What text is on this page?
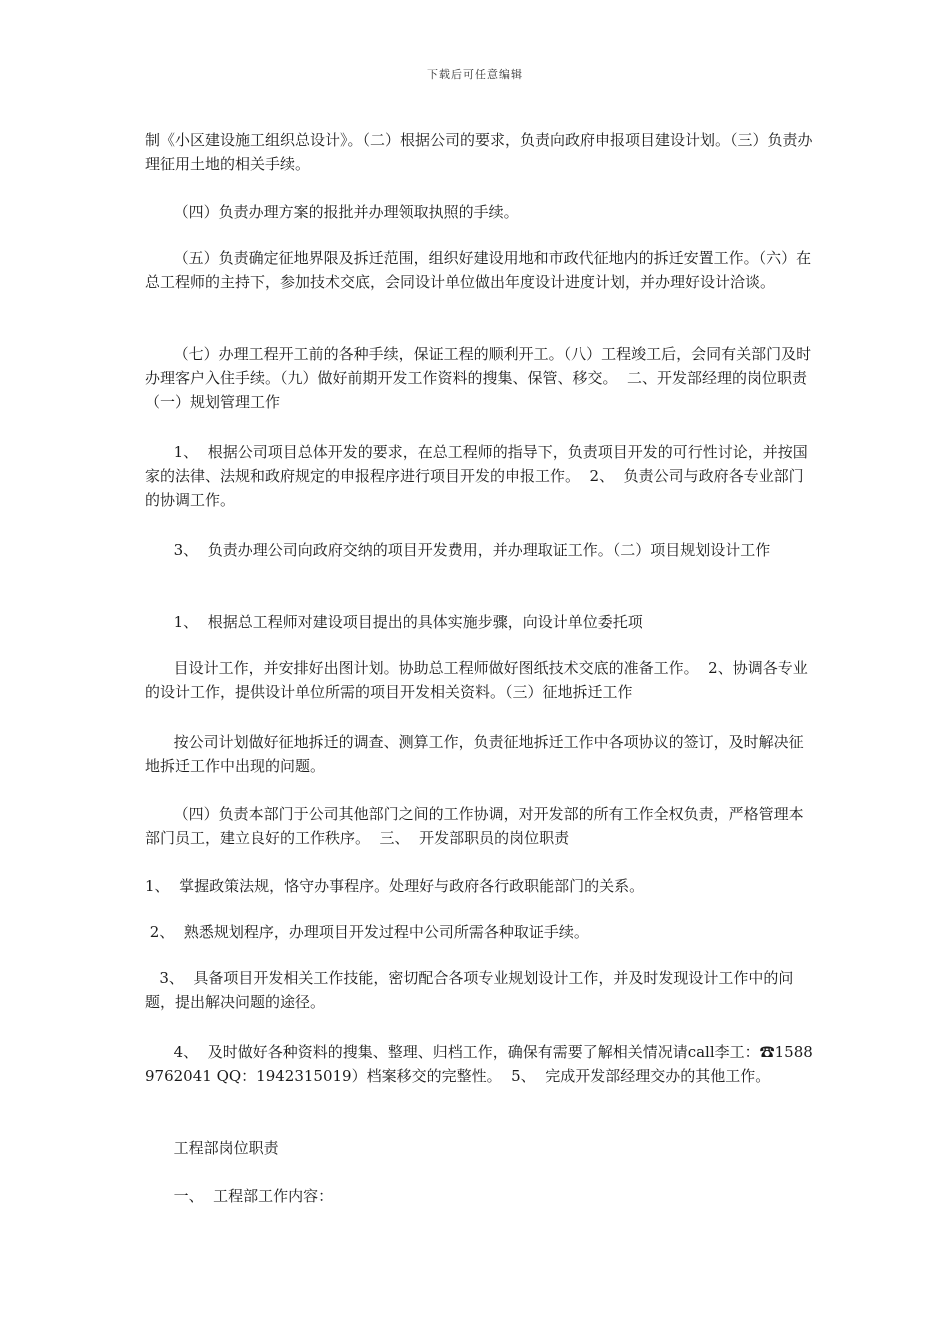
下载后可任意编辑

制《小区建设施工组织总设计》。（二）根据公司的要求，负责向政府申报项目建设计划。（三）负责办理征用土地的相关手续。

（四）负责办理方案的报批并办理领取执照的手续。

（五）负责确定征地界限及拆迁范围，组织好建设用地和市政代征地内的拆迁安置工作。（六）在总工程师的主持下，参加技术交底，会同设计单位做出年度设计进度计划，并办理好设计洽谈。

（七）办理工程开工前的各种手续，保证工程的顺利开工。（八）工程竣工后，会同有关部门及时办理客户入住手续。（九）做好前期开发工作资料的搜集、保管、移交。  二、开发部经理的岗位职责（一）规划管理工作

1、  根据公司项目总体开发的要求，在总工程师的指导下，负责项目开发的可行性讨论，并按国家的法律、法规和政府规定的申报程序进行项目开发的申报工作。  2、  负责公司与政府各专业部门的协调工作。

3、  负责办理公司向政府交纳的项目开发费用，并办理取证工作。（二）项目规划设计工作

1、  根据总工程师对建设项目提出的具体实施步骤，向设计单位委托项

目设计工作，并安排好出图计划。协助总工程师做好图纸技术交底的准备工作。  2、协调各专业的设计工作，提供设计单位所需的项目开发相关资料。（三）征地拆迁工作

按公司计划做好征地拆迁的调查、测算工作，负责征地拆迁工作中各项协议的签订，及时解决征地拆迁工作中出现的问题。

（四）负责本部门于公司其他部门之间的工作协调，对开发部的所有工作全权负责，严格管理本部门员工，建立良好的工作秩序。  三、  开发部职员的岗位职责

1、  掌握政策法规，恪守办事程序。处理好与政府各行政职能部门的关系。

2、  熟悉规划程序，办理项目开发过程中公司所需各种取证手续。

3、  具备项目开发相关工作技能，密切配合各项专业规划设计工作，并及时发现设计工作中的问题，提出解决问题的途径。

4、  及时做好各种资料的搜集、整理、归档工作，确保有需要了解相关情况请call李工：☎15889762041 QQ：1942315019）档案移交的完整性。  5、  完成开发部经理交办的其他工作。

工程部岗位职责

一、  工程部工作内容：
